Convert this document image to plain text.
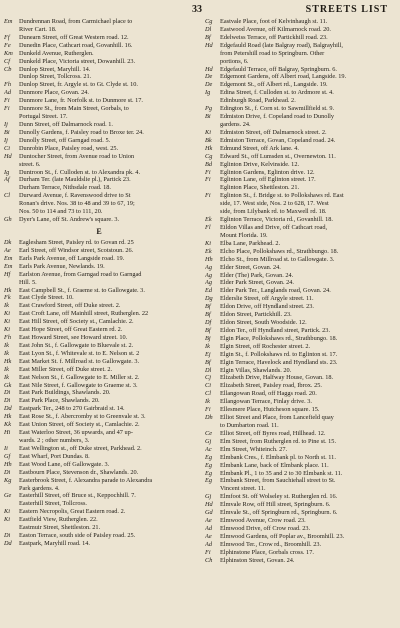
33	STREETS LIST
Em Dundrennan Road, from Carmichael place to
River Cart. 18.
Ff Dunearn Street, off Great Western road. 12.
Fe Dunedin Place, Cathcart road, Govanhill. 16.
Km Dunkeld Avenue, Rutherglen.
Cf Dunkeld Place, Victoria street, Dowanhill. 23.
Cb Dunlop Street, Maryhill. 14.
Dunlop Street, Tollcross. 21.
Fh Dunlop Street, fr. Argyle st. to Gt. Clyde st. 10.
Ad Dunmore Place, Govan. 24.
Fi Dunmore Lane, fr. Norfolk st. to Dunmore st. 17.
Fi Dunmore St., from Main Street, Gorbals, to
Portugal Street. 17.
Ij Dunn Street, off Dalmarnock road. 1.
Bi Dunolly Gardens, f. Paisley road to Broxe ter. 24.
Ij Dunolly Street, off Garngad road. 5.
Ci Dunrobin Place, Paisley road, west. 25.
Hd Duntocher Street, from Avenue road to Union
street. 6.
Ig Duntroon St., f. Culloden st. to Alexandra pk. 4.
Af Durham Ter. (late Mauldslie pl.), Partick 23.
Durham Terrace, Nithsdale road. 18.
Cl Durward Avenue, f. Ravenswood drive to St
Ronan's drive. Nos. 38 to 48 and 39 to 67, 19;
Nos. 50 to 114 and 73 to 111, 20.
Gh Dyer's Lane, off St. Andrew's square. 3.
E
Dk Eaglesham Street, Paisley rd. to Govan rd. 25
Ae Earl Street, off Windsor street, Scotstoun. 26.
Em Earls Park Avenue, off Langside road. 19.
Em Earls Park Avenue, Newlands. 19.
Hf Earlston Avenue, from Garngad road to Garngad
Hill. 5.
Hk East Campbell St., f. Graeme st. to Gallowgate. 3.
Fk East Clyde Street. 10.
Ik East Crawford Street, off Duke street. 2.
Ki East Croft Lane, off Mainhill street, Rutherglen. 22
Ki East Hill Street, off Society st., Camlachie. 2.
Ki East Hope Street, off Great Eastern rd. 2.
Fh East Howard Street, see Howard street. 10.
Ik East John St., f. Gallowgate to Bluevale st. 2.
Ik East Lyon St., f. Whitevale st. to E. Nelson st. 2
Hk East Market St. f. Millroad st. to Gallowgate. 3.
Ik East Miller Street, off Duke street. 2.
Ik East Nelson St., f. Gallowgate to E. Miller st. 2.
Gk East Nile Street, f. Gallowgate to Graeme st. 3.
Di East Park Buildings, Shawlands. 20.
Di East Park Place, Shawlands. 20.
Dd Eastpark Ter., 248 to 270 Gairbraid st. 14.
Hk East Rose St., f. Abercromby st to Greenvale st. 3.
Kk East Union Street, off Society st., Camlachie. 2.
Hi East Waterloo Street, 36 upwards, and 47 up-
wards. 2 ; other numbers, 3.
Ii East Wellington st., off Duke street, Parkhead. 2.
Gf East Wharf, Port Dundas. 8.
Hh East Wood Lane, off Gallowgate. 3.
Di Eastbourn Place, Stevenson dr., Shawlands. 20.
Kg Easterbrook Street, f. Alexandra parade to Alexandra
Park gardens. 4.
Ge Easterhill Street, off Bruce st., Keppochhill. 7.
Easterhill Street, Tollcross.
Ki Eastern Necropolis, Great Eastern road. 2.
Ki Eastfield View, Rutherglen. 22.
Eastmuir Street, Shettleston. 21.
Di Easton Terrace, south side of Paisley road. 25.
Dd Eastpark, Maryhill road. 14.
Cg Eastvale Place, foot of Kelvinhaugh st. 11.
Dl Eastwood Avenue, off Kilmarnock road. 20.
Bf Edelweiss Terrace, off Partickhill road. 23.
Hd Edgefauld Road (late Balgray road), Balgrayhill,
from Petershill road to Springburn. Other
portions, 6.
Hd Edgefauld Terrace, off Balgray, Springburn. 6.
De Edgemont Gardens, off Albert road, Langside. 19.
De Edgemont St., off Albert rd., Langside. 19.
Ig Edina Street, f. Culloden st. to Ardmore st. 4.
Edinburgh Road, Parkhead. 2.
Pg Edington St., f. Corn st. to Sawmillfield st. 9.
Bi Edmiston Drive, f. Copeland road to Dunolly
gardens. 24.
Ki Edmiston Street, off Dalmarnock street. 2.
Bk Edmiston Terrace, Govan, Copeland road. 24.
Hk Edmund Street, off Ark lane. 4.
Cg Edward St., off Lumsden st., Overnewton. 11.
Bd Eglinton Drive, Kelvinside. 12.
Fi Eglinton Gardens, Eglinton drive. 12.
Fi Eglinton Lane, off Eglinton street. 17.
Eglinton Place, Shettleston. 21.
Fi Eglinton St., f. Bridge st. to Pollokshaws rd. East
side, 17. West side, Nos. 2 to 628, 17. West
side, from Lilybank rd. to Maxwell rd. 18.
Ek Eglinton Terrace, Victoria rd., Govanhill. 18.
Fl Eildon Villas and Drive, off Cathcart road,
Mount Florida. 19.
Ki Elba Lane, Parkhead. 2.
Ek Elcho Place, Pollokshaws rd., Strathbungo. 18.
Hh Elcho St., from Millroad st. to Gallowgate. 3.
Ag Elder Street, Govan. 24.
Ag Elder (The) Park, Govan. 24.
Ag Elder Park Street, Govan. 24.
Ed Elder Park Ter., Langlands road, Govan. 24.
Dg Elderslie Street, off Argyle street. 11.
Bf Eldon Drive, off Hyndland street. 23.
Bf Eldon Street, Partickhill. 23.
Df Eldon Street, South Woodside. 12.
Bf Eldon Ter., off Hyndland street, Partick. 23.
Bj Elgin Place, Pollokshaws rd., Strathbungo. 18.
Ik Elgin Street, off Rochester street. 2.
Ej Elgin St., f. Pollokshaws rd. to Eglinton st. 17.
Bf Elgin Terrace, Havelock and Hyndland sts. 23.
Dl Elgin Villas, Shawlands. 20.
Cj Elizabeth Drive, Halfway House, Govan. 18.
Ci Elizabeth Street, Paisley road, Ibrox. 25.
Cl Ellangowan Road, off Haggs road. 20.
Ik Ellangowan Terrace, Finlay drive. 3.
Fi Ellesmere Place, Hutcheson square. 15.
Dh Elliot Street and Place, from Lancefield quay
to Dumbarton road. 11.
Ce Elliot Street, off Byres road, Hillhead. 12.
Gj Elm Street, from Rutherglen rd. to Pine st. 15.
Ac Elm Street, Whiteinch. 27.
Eg Elmbank Cres., f. Elmbank pl. to North st. 11.
Eg Elmbank Lane, back of Elmbank place. 11.
Eg Elmbank Pl., 1 to 35 and 2 to 30 Elmbank st. 11.
Eg Elmbank Street, from Sauchiehall street to St.
Vincent street. 11.
Gj Elmfoot St. off Wolseley st. Rutherglen rd. 16.
Hd Elmvale Row, off Hill street, Springburn. 6.
Gd Elmvale St., off Springburn rd., Springburn. 6.
Ae Elmwood Avenue, Crow road. 23.
Ad Elmwood Drive, off Crow road. 23.
Ae Elmwood Gardens, off Poplar av., Broomhill. 23.
Ad Elmwood Ter., Crow rd., Broomhill. 23.
Fi Elphinstone Place, Gorbals cross. 17.
Ch Elphinston Street, Govan. 24.
